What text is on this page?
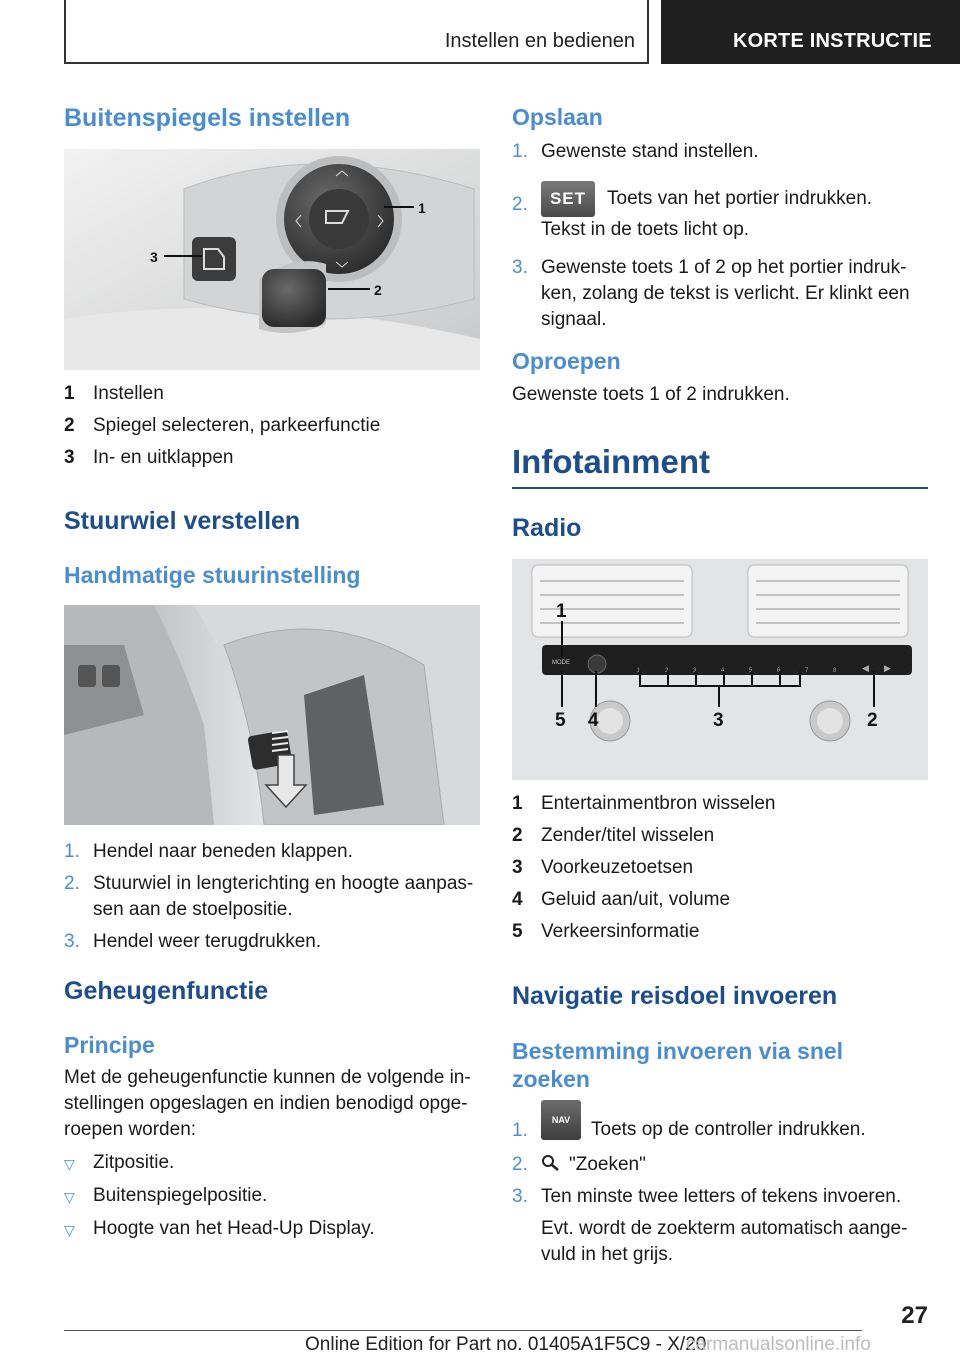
Instellen en bedienen	KORTE INSTRUCTIE
Buitenspiegels instellen
1
2
3
1 Instellen
2 Spiegel selecteren, parkeerfunctie
3 In- en uitklappen
Stuurwiel verstellen
Handmatige stuurinstelling
1. Hendel naar beneden klappen.
2. Stuurwiel in lengterichting en hoogte aanpas-sen aan de stoelpositie.
3. Hendel weer terugdrukken.
Geheugenfunctie
Principe
Met de geheugenfunctie kunnen de volgende in-stellingen opgeslagen en indien benodigd opge-roepen worden:
▽ Zitpositie.
▽ Buitenspiegelpositie.
▽ Hoogte van het Head-Up Display.
Opslaan
1. Gewenste stand instellen.
2.	SET Toets van het portier indrukken.
Tekst in de toets licht op.
3. Gewenste toets 1 of 2 op het portier indruk-ken, zolang de tekst is verlicht. Er klinkt een signaal.
Oproepen
Gewenste toets 1 of 2 indrukken.
Infotainment
Radio
MODE
1	2	3	4	5	6	7	8	◀ ▶
1
5 4	3	2
1 Entertainmentbron wisselen
2 Zender/titel wisselen
3 Voorkeuzetoetsen
4 Geluid aan/uit, volume
5 Verkeersinformatie
Navigatie reisdoel invoeren
Bestemming invoeren via snel zoeken
1.	NAV Toets op de controller indrukken.
2.	"Zoeken"
3. Ten minste twee letters of tekens invoeren.
Evt. wordt de zoekterm automatisch aange-vuld in het grijs.
27
Online Edition for Part no. 01405A1F5C9 - X/20
carmanualsonline.info
